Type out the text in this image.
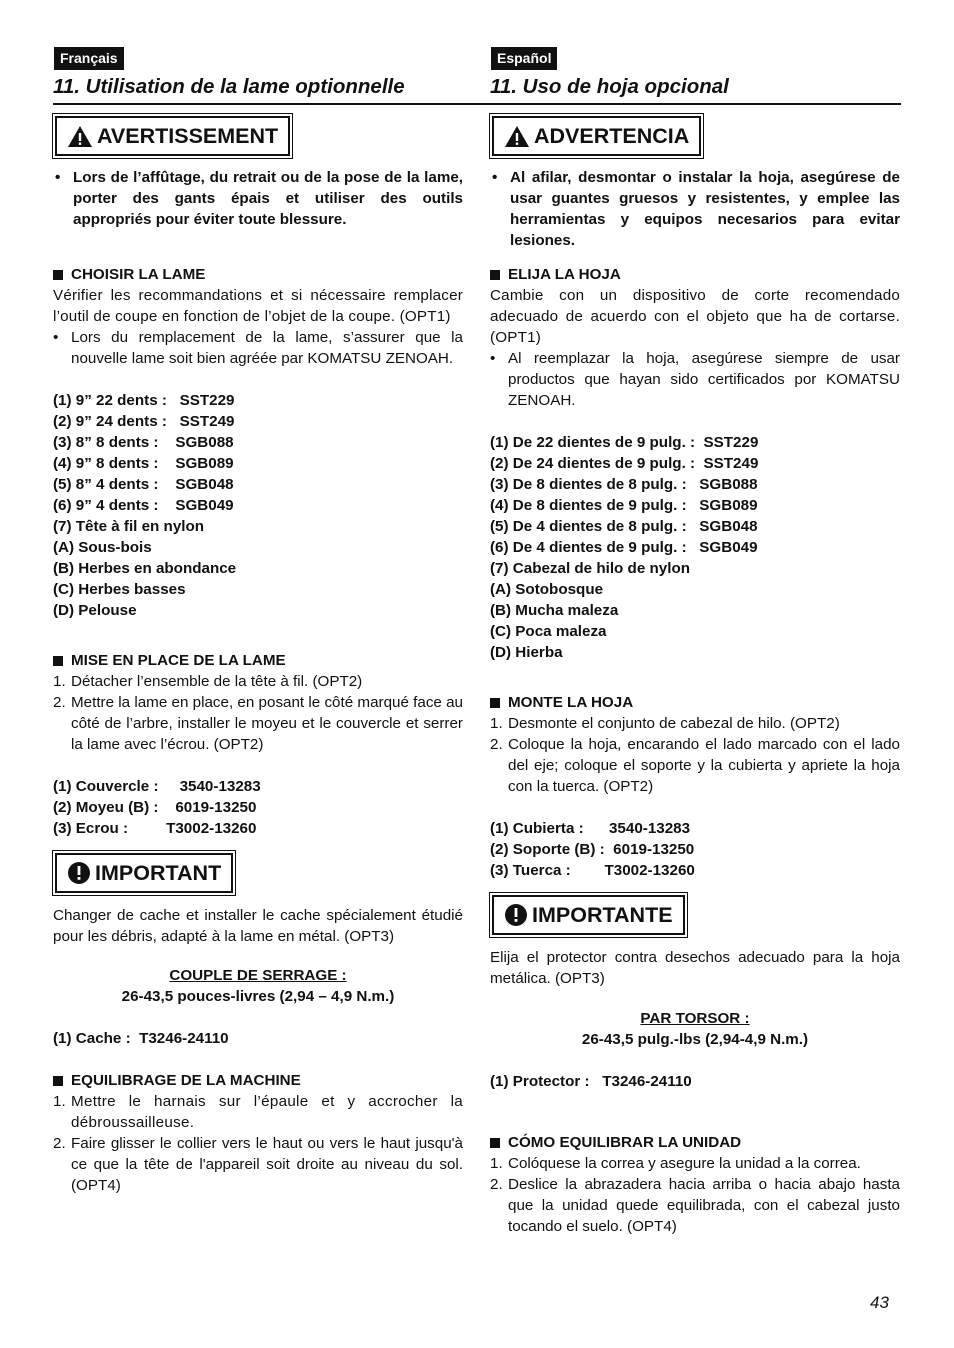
Français
11. Utilisation de la lame optionnelle
AVERTISSEMENT
• Lors de l’affûtage, du retrait ou de la pose de la lame, porter des gants épais et utiliser des outils appropriés pour éviter toute blessure.
CHOISIR LA LAME

Vérifier les recommandations et si nécessaire remplacer l’outil de coupe en fonction de l’objet de la coupe. (OPT1)

• Lors du remplacement de la lame, s’assurer que la nouvelle lame soit bien agréée par KOMATSU ZENOAH.
(1) 9” 22 dents :   SST229
(2) 9” 24 dents :   SST249
(3) 8” 8 dents :    SGB088
(4) 9” 8 dents :    SGB089
(5) 8” 4 dents :    SGB048
(6) 9” 4 dents :    SGB049
(7) Tête à fil en nylon
(A) Sous-bois
(B) Herbes en abondance
(C) Herbes basses
(D) Pelouse
MISE EN PLACE DE LA LAME
1. Détacher l’ensemble de la tête à fil. (OPT2)
2. Mettre la lame en place, en posant le côté marqué face au côté de l’arbre, installer le moyeu et le couvercle et serrer la lame avec l’écrou. (OPT2)
(1) Couvercle :     3540-13283
(2) Moyeu (B) :    6019-13250
(3) Ecrou :         T3002-13260
IMPORTANT

Changer de cache et installer le cache spécialement étudié pour les débris, adapté à la lame en métal. (OPT3)

COUPLE DE SERRAGE :
26-43,5 pouces-livres (2,94 – 4,9 N.m.)
(1) Cache :  T3246-24110
EQUILIBRAGE DE LA MACHINE
1. Mettre le harnais sur l’épaule et y accrocher la débroussailleuse.
2. Faire glisser le collier vers le haut ou vers le haut jusqu'à ce que la tête de l'appareil soit droite au niveau du sol. (OPT4)
Español
11. Uso de hoja opcional
ADVERTENCIA
• Al afilar, desmontar o instalar la hoja, asegúrese de usar guantes gruesos y resistentes, y emplee las herramientas y equipos necesarios para evitar lesiones.
ELIJA LA HOJA

Cambie con un dispositivo de corte recomendado adecuado de acuerdo con el objeto que ha de cortarse. (OPT1)

• Al reemplazar la hoja, asegúrese siempre de usar productos que hayan sido certificados por KOMATSU ZENOAH.
(1) De 22 dientes de 9 pulg. :  SST229
(2) De 24 dientes de 9 pulg. :  SST249
(3) De 8 dientes de 8 pulg. :   SGB088
(4) De 8 dientes de 9 pulg. :   SGB089
(5) De 4 dientes de 8 pulg. :   SGB048
(6) De 4 dientes de 9 pulg. :   SGB049
(7) Cabezal de hilo de nylon
(A) Sotobosque
(B) Mucha maleza
(C) Poca maleza
(D) Hierba
MONTE LA HOJA
1. Desmonte el conjunto de cabezal de hilo. (OPT2)
2. Coloque la hoja, encarando el lado marcado con el lado del eje; coloque el soporte y la cubierta y apriete la hoja con la tuerca. (OPT2)
(1) Cubierta :      3540-13283
(2) Soporte (B) :  6019-13250
(3) Tuerca :        T3002-13260
IMPORTANTE

Elija el protector contra desechos adecuado para la hoja metálica. (OPT3)

PAR TORSOR :
26-43,5 pulg.-lbs (2,94-4,9 N.m.)
(1) Protector :   T3246-24110
CÓMO EQUILIBRAR LA UNIDAD
1. Colóquese la correa y asegure la unidad a la correa.
2. Deslice la abrazadera hacia arriba o hacia abajo hasta que la unidad quede equilibrada, con el cabezal justo tocando el suelo. (OPT4)
43
